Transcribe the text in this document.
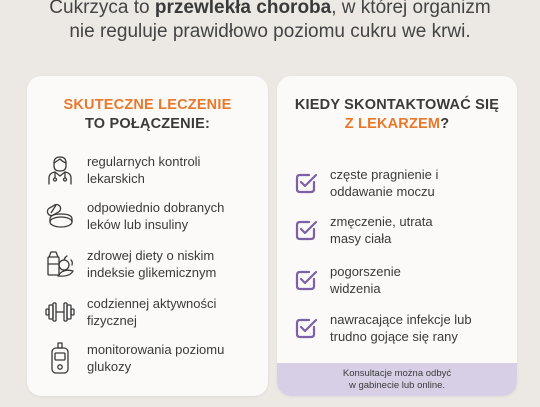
Cukrzyca to przewlekła choroba, w której organizm
nie reguluje prawidłowo poziomu cukru we krwi.
SKUTECZNE LECZENIE
TO POŁĄCZENIE:
regularnych kontroli
lekarskich
odpowiednio dobranych
leków lub insuliny
zdrowej diety o niskim
indeksie glikemicznym
codziennej aktywności
fizycznej
monitorowania poziomu
glukozy
KIEDY SKONTAKTOWAĆ SIĘ
Z LEKARZEM?
częste pragnienie i
oddawanie moczu
zmęczenie, utrata
masy ciała
pogorszenie
widzenia
nawracające infekcje lub
trudno gojące się rany
Konsultacje można odbyć
w gabinecie lub online.
